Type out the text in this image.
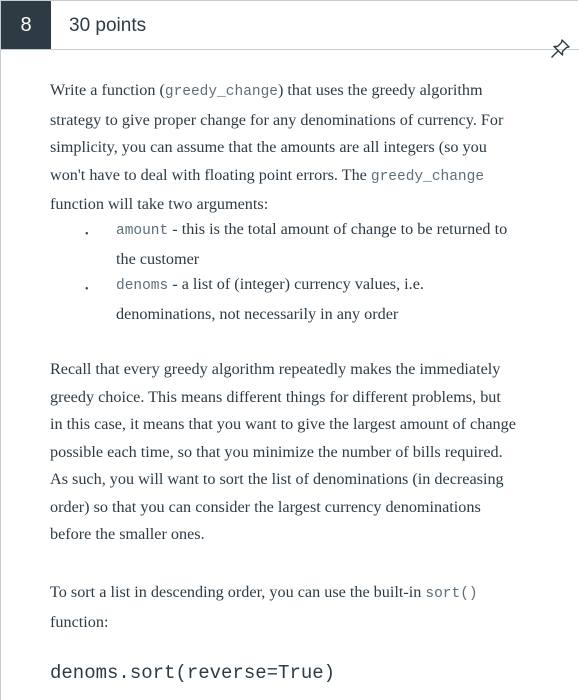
8	30 points

Write a function (greedy_change) that uses the greedy algorithm

strategy to give proper change for any denominations of currency. For

simplicity, you can assume that the amounts are all integers (so you

won't have to deal with floating point errors. The greedy_change

function will take two arguments:

• amount - this is the total amount of change to be returned to
the customer
• denoms - a list of (integer) currency values, i.e.
denominations, not necessarily in any order

Recall that every greedy algorithm repeatedly makes the immediately

greedy choice. This means different things for different problems, but

in this case, it means that you want to give the largest amount of change

possible each time, so that you minimize the number of bills required.

As such, you will want to sort the list of denominations (in decreasing

order) so that you can consider the largest currency denominations

before the smaller ones.

To sort a list in descending order, you can use the built-in sort()

function:

denoms.sort(reverse=True)
